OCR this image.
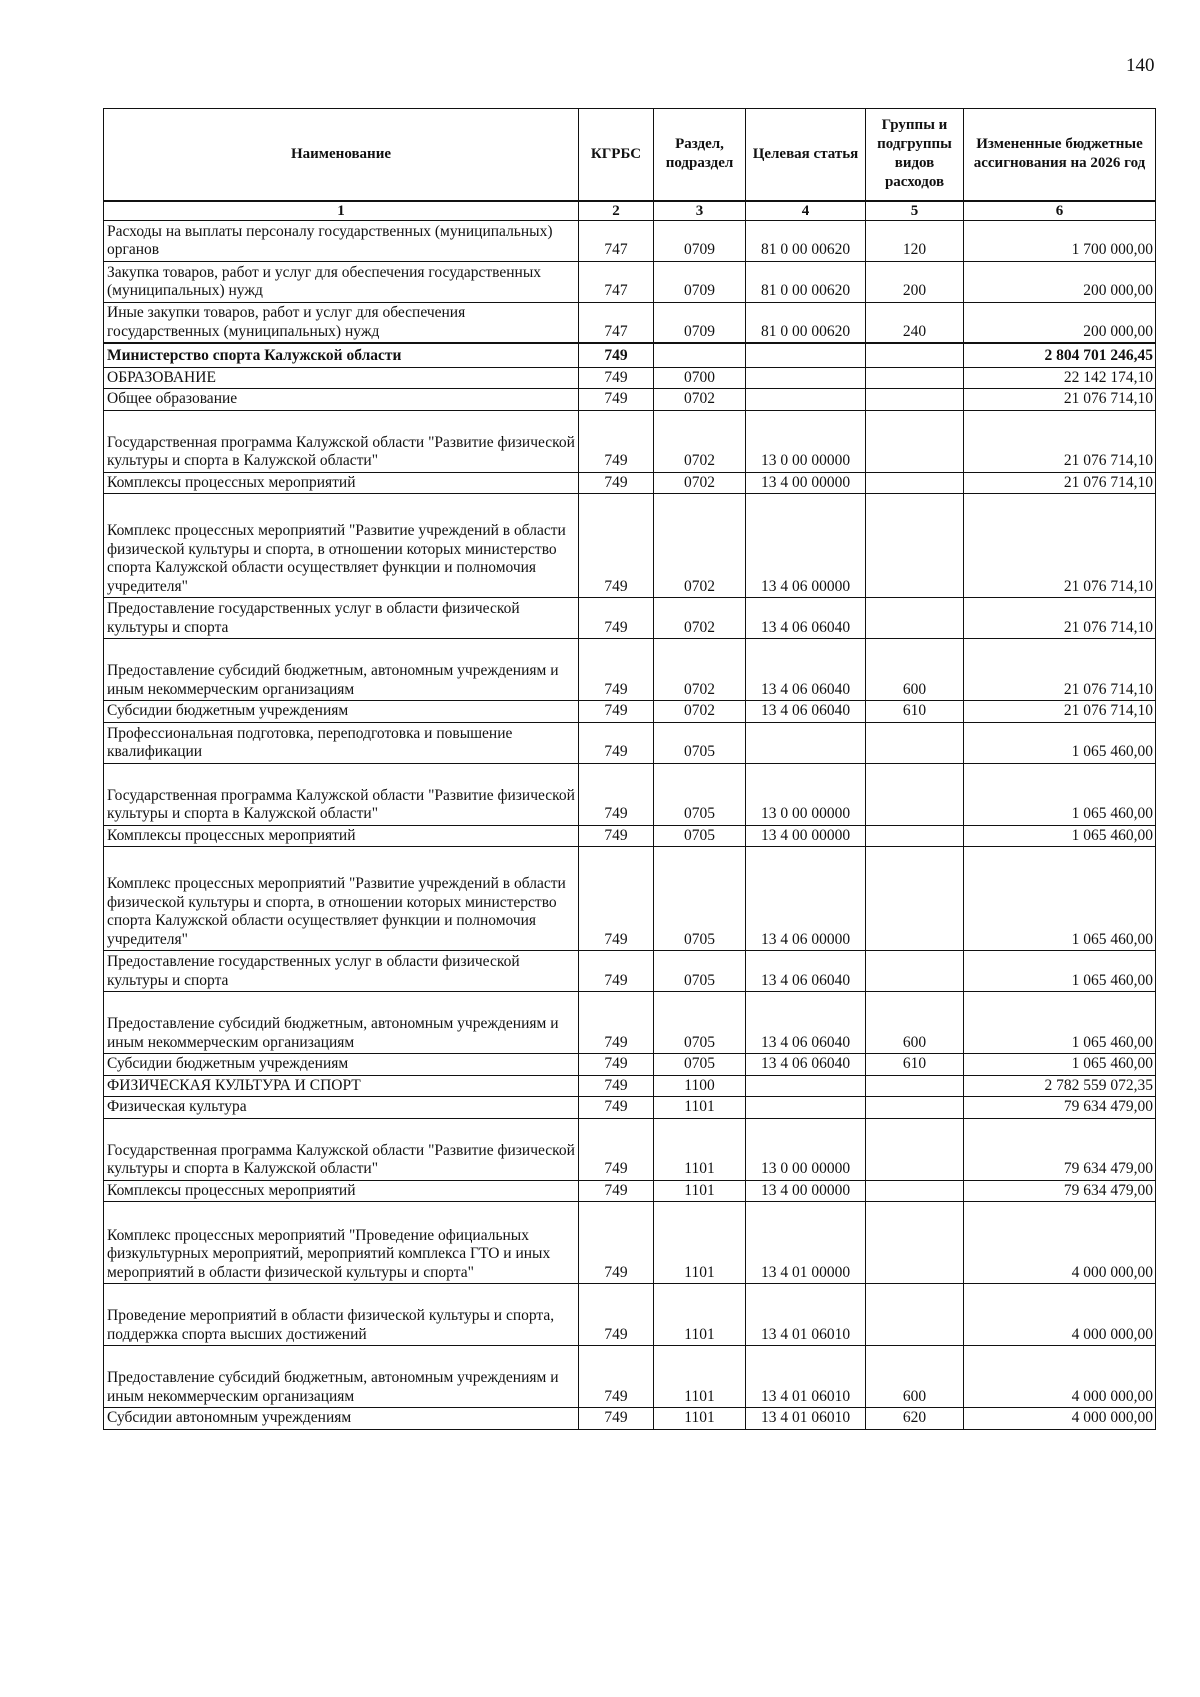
140
Наименование	КГРБС	Раздел, подраздел	Целевая статья	Группы и подгруппы видов расходов	Измененные бюджетные ассигнования на 2026 год
1	2	3	4	5	6
Расходы на выплаты персоналу государственных (муниципальных) органов	747	0709	81 0 00 00620	120	1 700 000,00
Закупка товаров, работ и услуг для обеспечения государственных (муниципальных) нужд	747	0709	81 0 00 00620	200	200 000,00
Иные закупки товаров, работ и услуг для обеспечения государственных (муниципальных) нужд	747	0709	81 0 00 00620	240	200 000,00
Министерство спорта Калужской области	749				2 804 701 246,45
ОБРАЗОВАНИЕ	749	0700			22 142 174,10
Общее образование	749	0702			21 076 714,10
Государственная программа Калужской области "Развитие физической культуры и спорта в Калужской области"	749	0702	13 0 00 00000		21 076 714,10
Комплексы процессных мероприятий	749	0702	13 4 00 00000		21 076 714,10
Комплекс процессных мероприятий "Развитие учреждений в области физической культуры и спорта, в отношении которых министерство спорта Калужской области осуществляет функции и полномочия учредителя"	749	0702	13 4 06 00000		21 076 714,10
Предоставление государственных услуг в области физической культуры и спорта	749	0702	13 4 06 06040		21 076 714,10
Предоставление субсидий бюджетным, автономным учреждениям и иным некоммерческим организациям	749	0702	13 4 06 06040	600	21 076 714,10
Субсидии бюджетным учреждениям	749	0702	13 4 06 06040	610	21 076 714,10
Профессиональная подготовка, переподготовка и повышение квалификации	749	0705			1 065 460,00
Государственная программа Калужской области "Развитие физической культуры и спорта в Калужской области"	749	0705	13 0 00 00000		1 065 460,00
Комплексы процессных мероприятий	749	0705	13 4 00 00000		1 065 460,00
Комплекс процессных мероприятий "Развитие учреждений в области физической культуры и спорта, в отношении которых министерство спорта Калужской области осуществляет функции и полномочия учредителя"	749	0705	13 4 06 00000		1 065 460,00
Предоставление государственных услуг в области физической культуры и спорта	749	0705	13 4 06 06040		1 065 460,00
Предоставление субсидий бюджетным, автономным учреждениям и иным некоммерческим организациям	749	0705	13 4 06 06040	600	1 065 460,00
Субсидии бюджетным учреждениям	749	0705	13 4 06 06040	610	1 065 460,00
ФИЗИЧЕСКАЯ КУЛЬТУРА И СПОРТ	749	1100			2 782 559 072,35
Физическая культура	749	1101			79 634 479,00
Государственная программа Калужской области "Развитие физической культуры и спорта в Калужской области"	749	1101	13 0 00 00000		79 634 479,00
Комплексы процессных мероприятий	749	1101	13 4 00 00000		79 634 479,00
Комплекс процессных мероприятий "Проведение официальных физкультурных мероприятий, мероприятий комплекса ГТО и иных мероприятий в области физической культуры и спорта"	749	1101	13 4 01 00000		4 000 000,00
Проведение мероприятий в области физической культуры и спорта, поддержка спорта высших достижений	749	1101	13 4 01 06010		4 000 000,00
Предоставление субсидий бюджетным, автономным учреждениям и иным некоммерческим организациям	749	1101	13 4 01 06010	600	4 000 000,00
Субсидии автономным учреждениям	749	1101	13 4 01 06010	620	4 000 000,00
